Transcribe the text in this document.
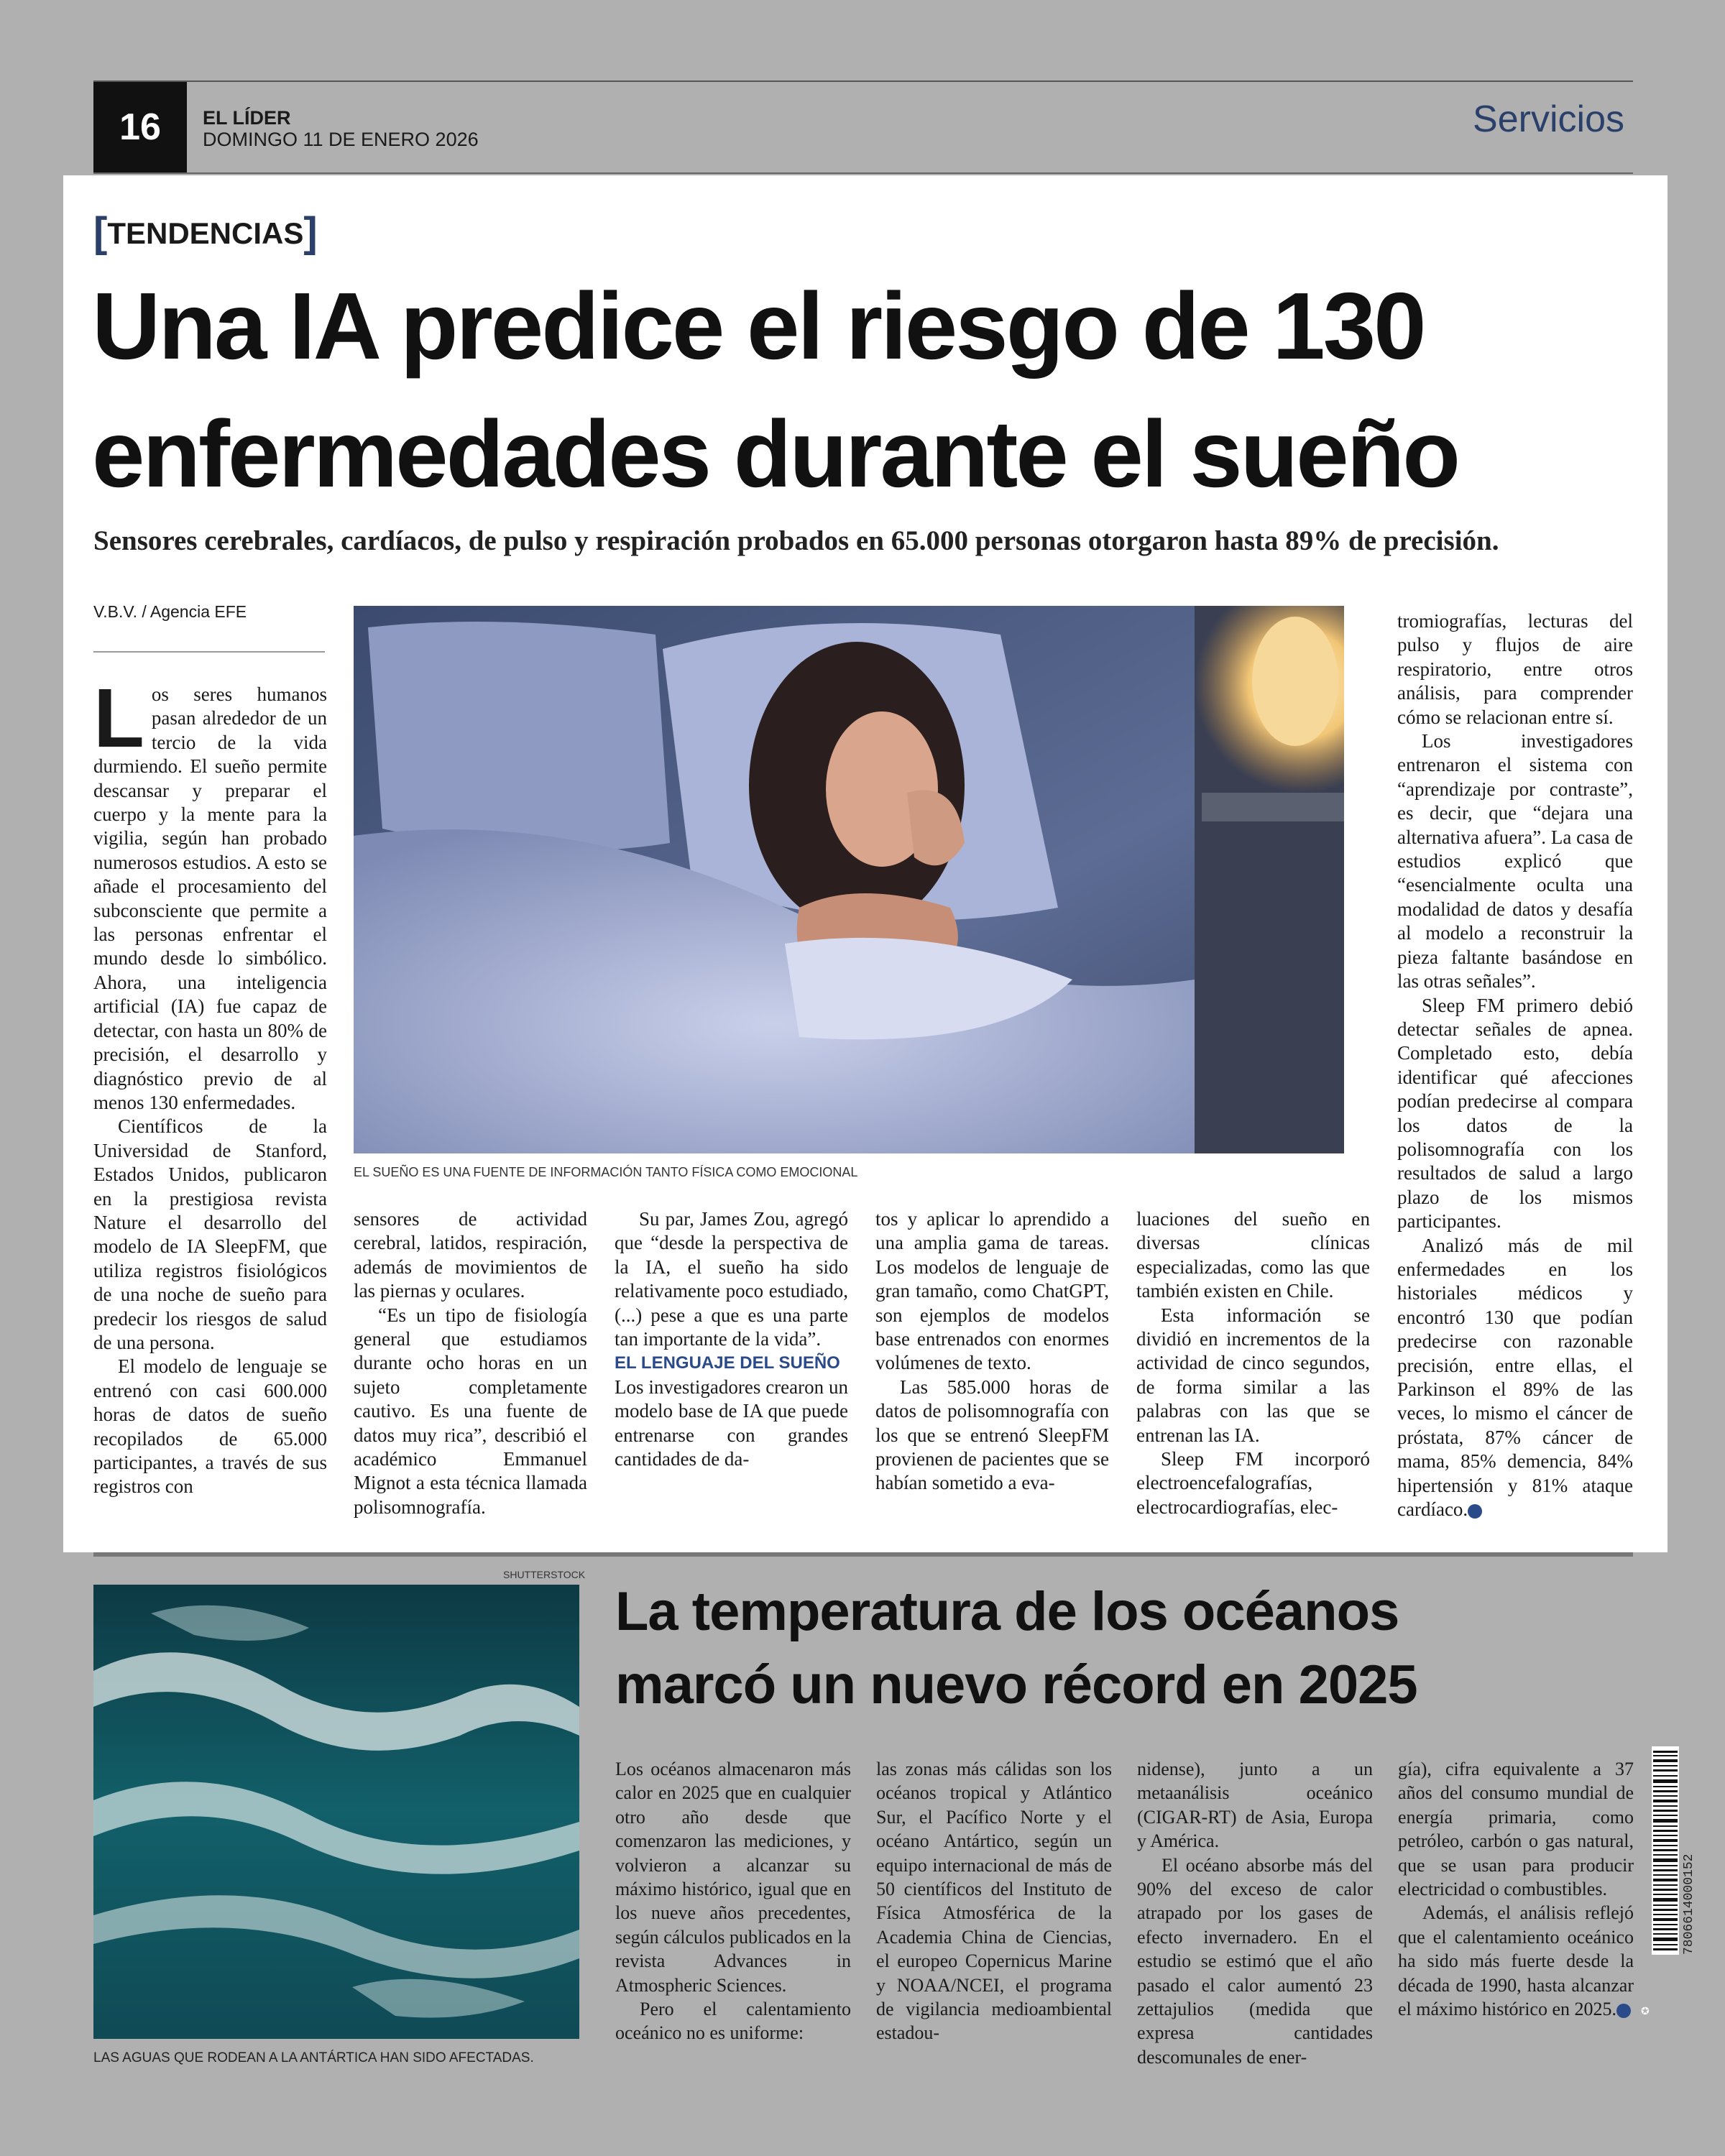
16	EL LÍDER
DOMINGO 11 DE ENERO 2026	Servicios
[TENDENCIAS]
Una IA predice el riesgo de 130
enfermedades durante el sueño
Sensores cerebrales, cardíacos, de pulso y respiración probados en 65.000 personas otorgaron hasta 89% de precisión.
V.B.V. / Agencia EFE

Los seres humanos pasan alrededor de un tercio de la vida durmiendo. El sueño permite descansar y preparar el cuerpo y la mente para la vigilia, según han probado numerosos estudios. A esto se añade el procesamiento del subconsciente que permite a las personas enfrentar el mundo desde lo simbólico. Ahora, una inteligencia artificial (IA) fue capaz de detectar, con hasta un 80% de precisión, el desarrollo y diagnóstico previo de al menos 130 enfermedades.

Científicos de la Universidad de Stanford, Estados Unidos, publicaron en la prestigiosa revista Nature el desarrollo del modelo de IA SleepFM, que utiliza registros fisiológicos de una noche de sueño para predecir los riesgos de salud de una persona.

El modelo de lenguaje se entrenó con casi 600.000 horas de datos de sueño recopilados de 65.000 participantes, a través de sus registros con

EL SUEÑO ES UNA FUENTE DE INFORMACIÓN TANTO FÍSICA COMO EMOCIONAL

sensores de actividad cerebral, latidos, respiración, además de movimientos de las piernas y oculares.

“Es un tipo de fisiología general que estudiamos durante ocho horas en un sujeto completamente cautivo. Es una fuente de datos muy rica”, describió el académico Emmanuel Mignot a esta técnica llamada polisomnografía.

Su par, James Zou, agregó que “desde la perspectiva de la IA, el sueño ha sido relativamente poco estudiado, (...) pese a que es una parte tan importante de la vida”.

EL LENGUAJE DEL SUEÑO

Los investigadores crearon un modelo base de IA que puede entrenarse con grandes cantidades de da-

tos y aplicar lo aprendido a una amplia gama de tareas. Los modelos de lenguaje de gran tamaño, como ChatGPT, son ejemplos de modelos base entrenados con enormes volúmenes de texto.

Las 585.000 horas de datos de polisomnografía con los que se entrenó SleepFM provienen de pacientes que se habían sometido a eva-

luaciones del sueño en diversas clínicas especializadas, como las que también existen en Chile.

Esta información se dividió en incrementos de la actividad de cinco segundos, de forma similar a las palabras con las que se entrenan las IA.

Sleep FM incorporó electroencefalografías, electrocardiografías, elec-

tromiografías, lecturas del pulso y flujos de aire respiratorio, entre otros análisis, para comprender cómo se relacionan entre sí.

Los investigadores entrenaron el sistema con “aprendizaje por contraste”, es decir, que “dejara una alternativa afuera”. La casa de estudios explicó que “esencialmente oculta una modalidad de datos y desafía al modelo a reconstruir la pieza faltante basándose en las otras señales”.

Sleep FM primero debió detectar señales de apnea. Completado esto, debía identificar qué afecciones podían predecirse al compara los datos de la polisomnografía con los resultados de salud a largo plazo de los mismos participantes.

Analizó más de mil enfermedades en los historiales médicos y encontró 130 que podían predecirse con razonable precisión, entre ellas, el Parkinson el 89% de las veces, lo mismo el cáncer de próstata, 87% cáncer de mama, 85% demencia, 84% hipertensión y 81% ataque cardíaco. ✪

SHUTTERSTOCK
LAS AGUAS QUE RODEAN A LA ANTÁRTICA HAN SIDO AFECTADAS.
La temperatura de los océanos
marcó un nuevo récord en 2025

Los océanos almacenaron más calor en 2025 que en cualquier otro año desde que comenzaron las mediciones, y volvieron a alcanzar su máximo histórico, igual que en los nueve años precedentes, según cálculos publicados en la revista Advances in Atmospheric Sciences.

Pero el calentamiento oceánico no es uniforme:

las zonas más cálidas son los océanos tropical y Atlántico Sur, el Pacífico Norte y el océano Antártico, según un equipo internacional de más de 50 científicos del Instituto de Física Atmosférica de la Academia China de Ciencias, el europeo Copernicus Marine y NOAA/NCEI, el programa de vigilancia medioambiental estadou-

nidense), junto a un metaanálisis oceánico (CIGAR-RT) de Asia, Europa y América.

El océano absorbe más del 90% del exceso de calor atrapado por los gases de efecto invernadero. En el estudio se estimó que el año pasado el calor aumentó 23 zettajulios (medida que expresa cantidades descomunales de ener-

gía), cifra equivalente a 37 años del consumo mundial de energía primaria, como petróleo, carbón o gas natural, que se usan para producir electricidad o combustibles.

Además, el análisis reflejó que el calentamiento oceánico ha sido más fuerte desde la década de 1990, hasta alcanzar el máximo histórico en 2025. ✪

7806614000152
